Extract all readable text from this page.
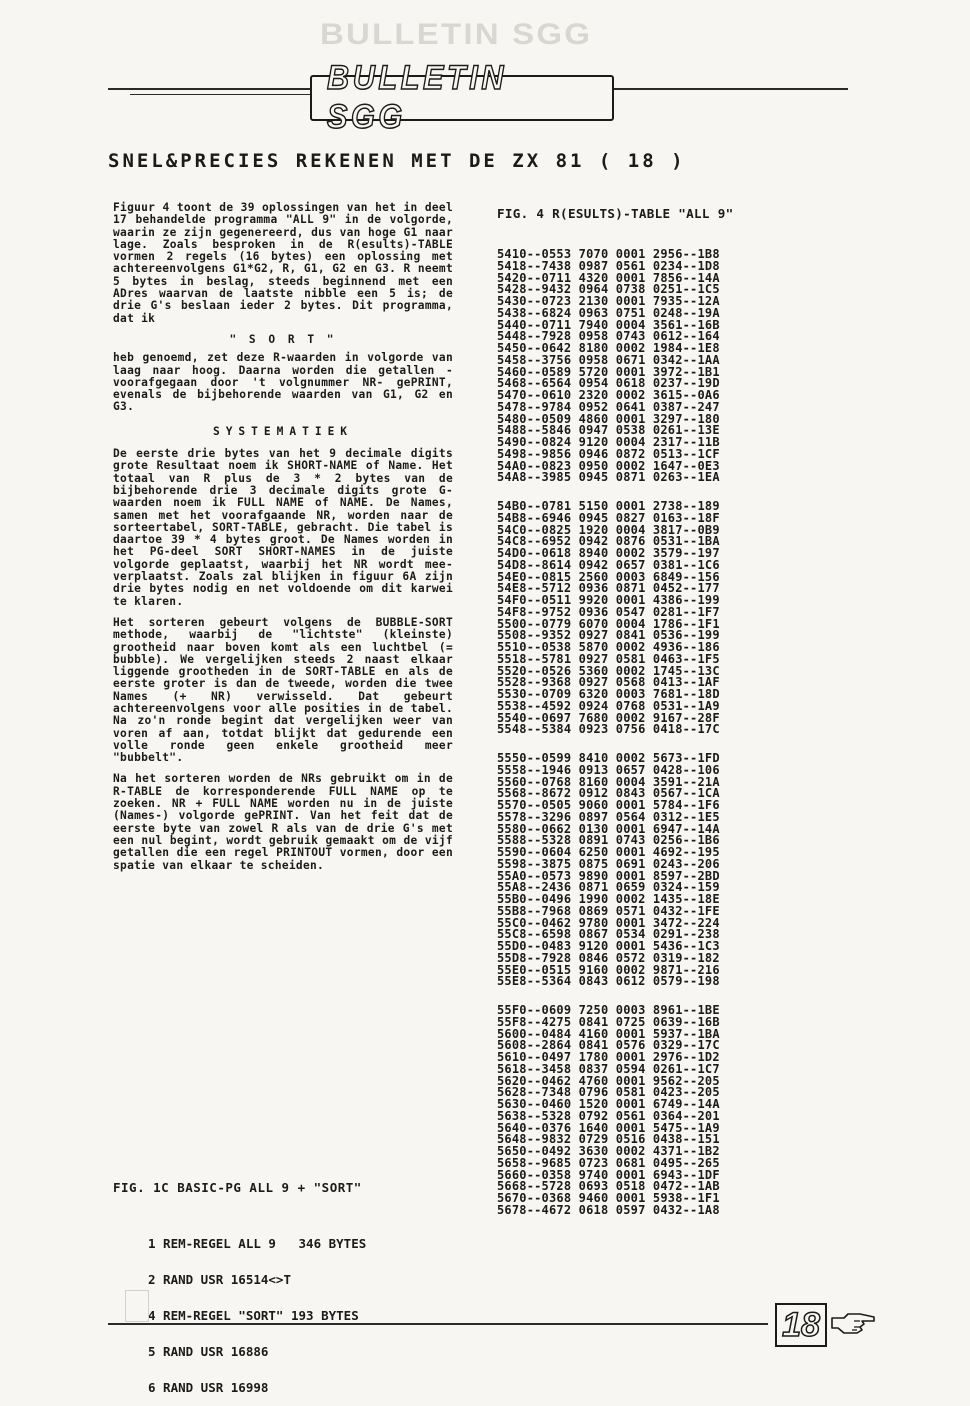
BULLETIN SGG
BULLETIN SGG
SNEL&PRECIES REKENEN MET DE ZX 81 ( 18 )

Figuur 4 toont de 39 oplossingen van het in deel 17 behandelde programma "ALL 9" in de volgorde, waarin ze zijn gegenereerd, dus van hoge G1 naar lage. Zoals besproken in de R(esults)-TABLE vormen 2 regels (16 bytes) een oplossing met achtereenvolgens G1*G2, R, G1, G2 en G3. R neemt 5 bytes in beslag, steeds beginnend met een ADres waarvan de laatste nibble een 5 is; de drie G's beslaan ieder 2 bytes. Dit programma, dat ik

" S O R T "

heb genoemd, zet deze R-waarden in volgorde van laag naar hoog. Daarna worden die getallen -voorafgegaan door 't volgnummer NR- gePRINT, evenals de bijbehorende waarden van G1, G2 en G3.

SYSTEMATIEK

De eerste drie bytes van het 9 decimale digits grote Resultaat noem ik SHORT-NAME of Name. Het totaal van R plus de 3 * 2 bytes van de bijbehorende drie 3 decimale digits grote G-waarden noem ik FULL NAME of NAME. De Names, samen met het voorafgaande NR, worden naar de sorteertabel, SORT-TABLE, gebracht. Die tabel is daartoe 39 * 4 bytes groot. De Names worden in het PG-deel SORT SHORT-NAMES in de juiste volgorde geplaatst, waarbij het NR wordt mee-verplaatst. Zoals zal blijken in figuur 6A zijn drie bytes nodig en net voldoende om dit karwei te klaren.

Het sorteren gebeurt volgens de BUBBLE-SORT methode, waarbij de "lichtste" (kleinste) grootheid naar boven komt als een luchtbel (= bubble). We vergelijken steeds 2 naast elkaar liggende grootheden in de SORT-TABLE en als de eerste groter is dan de tweede, worden die twee Names (+ NR) verwisseld. Dat gebeurt achtereenvolgens voor alle posities in de tabel. Na zo'n ronde begint dat vergelijken weer van voren af aan, totdat blijkt dat gedurende een volle ronde geen enkele grootheid meer "bubbelt".

Na het sorteren worden de NRs gebruikt om in de R-TABLE de korresponderende FULL NAME op te zoeken. NR + FULL NAME worden nu in de juiste (Names-) volgorde gePRINT. Van het feit dat de eerste byte van zowel R als van de drie G's met een nul begint, wordt gebruik gemaakt om de vijf getallen die een regel PRINTOUT vormen, door een spatie van elkaar te scheiden.

FIG. 1C BASIC-PG ALL 9 + "SORT"

1 REM-REGEL ALL 9   346 BYTES

2 RAND USR 16514<>T

4 REM-REGEL "SORT" 193 BYTES

5 RAND USR 16886

6 RAND USR 16998

FIG. 4 R(ESULTS)-TABLE "ALL 9"
5410--0553 7070 0001 2956--1B8
5418--7438 0987 0561 0234--1D8
5420--0711 4320 0001 7856--14A
5428--9432 0964 0738 0251--1C5
5430--0723 2130 0001 7935--12A
5438--6824 0963 0751 0248--19A
5440--0711 7940 0004 3561--16B
5448--7928 0958 0743 0612--164
5450--0642 8180 0002 1984--1E8
5458--3756 0958 0671 0342--1AA
5460--0589 5720 0001 3972--1B1
5468--6564 0954 0618 0237--19D
5470--0610 2320 0002 3615--0A6
5478--9784 0952 0641 0387--247
5480--0509 4860 0001 3297--180
5488--5846 0947 0538 0261--13E
5490--0824 9120 0004 2317--11B
5498--9856 0946 0872 0513--1CF
54A0--0823 0950 0002 1647--0E3
54A8--3985 0945 0871 0263--1EA
54B0--0781 5150 0001 2738--189
54B8--6946 0945 0827 0163--18F
54C0--0825 1920 0004 3817--0B9
54C8--6952 0942 0876 0531--1BA
54D0--0618 8940 0002 3579--197
54D8--8614 0942 0657 0381--1C6
54E0--0815 2560 0003 6849--156
54E8--5712 0936 0871 0452--177
54F0--0511 9920 0001 4386--199
54F8--9752 0936 0547 0281--1F7
5500--0779 6070 0004 1786--1F1
5508--9352 0927 0841 0536--199
5510--0538 5870 0002 4936--186
5518--5781 0927 0581 0463--1F5
5520--0526 5360 0002 1745--13C
5528--9368 0927 0568 0413--1AF
5530--0709 6320 0003 7681--18D
5538--4592 0924 0768 0531--1A9
5540--0697 7680 0002 9167--28F
5548--5384 0923 0756 0418--17C
5550--0599 8410 0002 5673--1FD
5558--1946 0913 0657 0428--106
5560--0768 8160 0004 3591--21A
5568--8672 0912 0843 0567--1CA
5570--0505 9060 0001 5784--1F6
5578--3296 0897 0564 0312--1E5
5580--0662 0130 0001 6947--14A
5588--5328 0891 0743 0256--1B6
5590--0604 6250 0001 4692--195
5598--3875 0875 0691 0243--206
55A0--0573 9890 0001 8597--2BD
55A8--2436 0871 0659 0324--159
55B0--0496 1990 0002 1435--18E
55B8--7968 0869 0571 0432--1FE
55C0--0462 9780 0001 3472--224
55C8--6598 0867 0534 0291--238
55D0--0483 9120 0001 5436--1C3
55D8--7928 0846 0572 0319--182
55E0--0515 9160 0002 9871--216
55E8--5364 0843 0612 0579--198
55F0--0609 7250 0003 8961--1BE
55F8--4275 0841 0725 0639--16B
5600--0484 4160 0001 5937--1BA
5608--2864 0841 0576 0329--17C
5610--0497 1780 0001 2976--1D2
5618--3458 0837 0594 0261--1C7
5620--0462 4760 0001 9562--205
5628--7348 0796 0581 0423--205
5630--0460 1520 0001 6749--14A
5638--5328 0792 0561 0364--201
5640--0376 1640 0001 5475--1A9
5648--9832 0729 0516 0438--151
5650--0492 3630 0002 4371--1B2
5658--9685 0723 0681 0495--265
5660--0358 9740 0001 6943--1DF
5668--5728 0693 0518 0472--1AB
5670--0368 9460 0001 5938--1F1
5678--4672 0618 0597 0432--1A8
18
